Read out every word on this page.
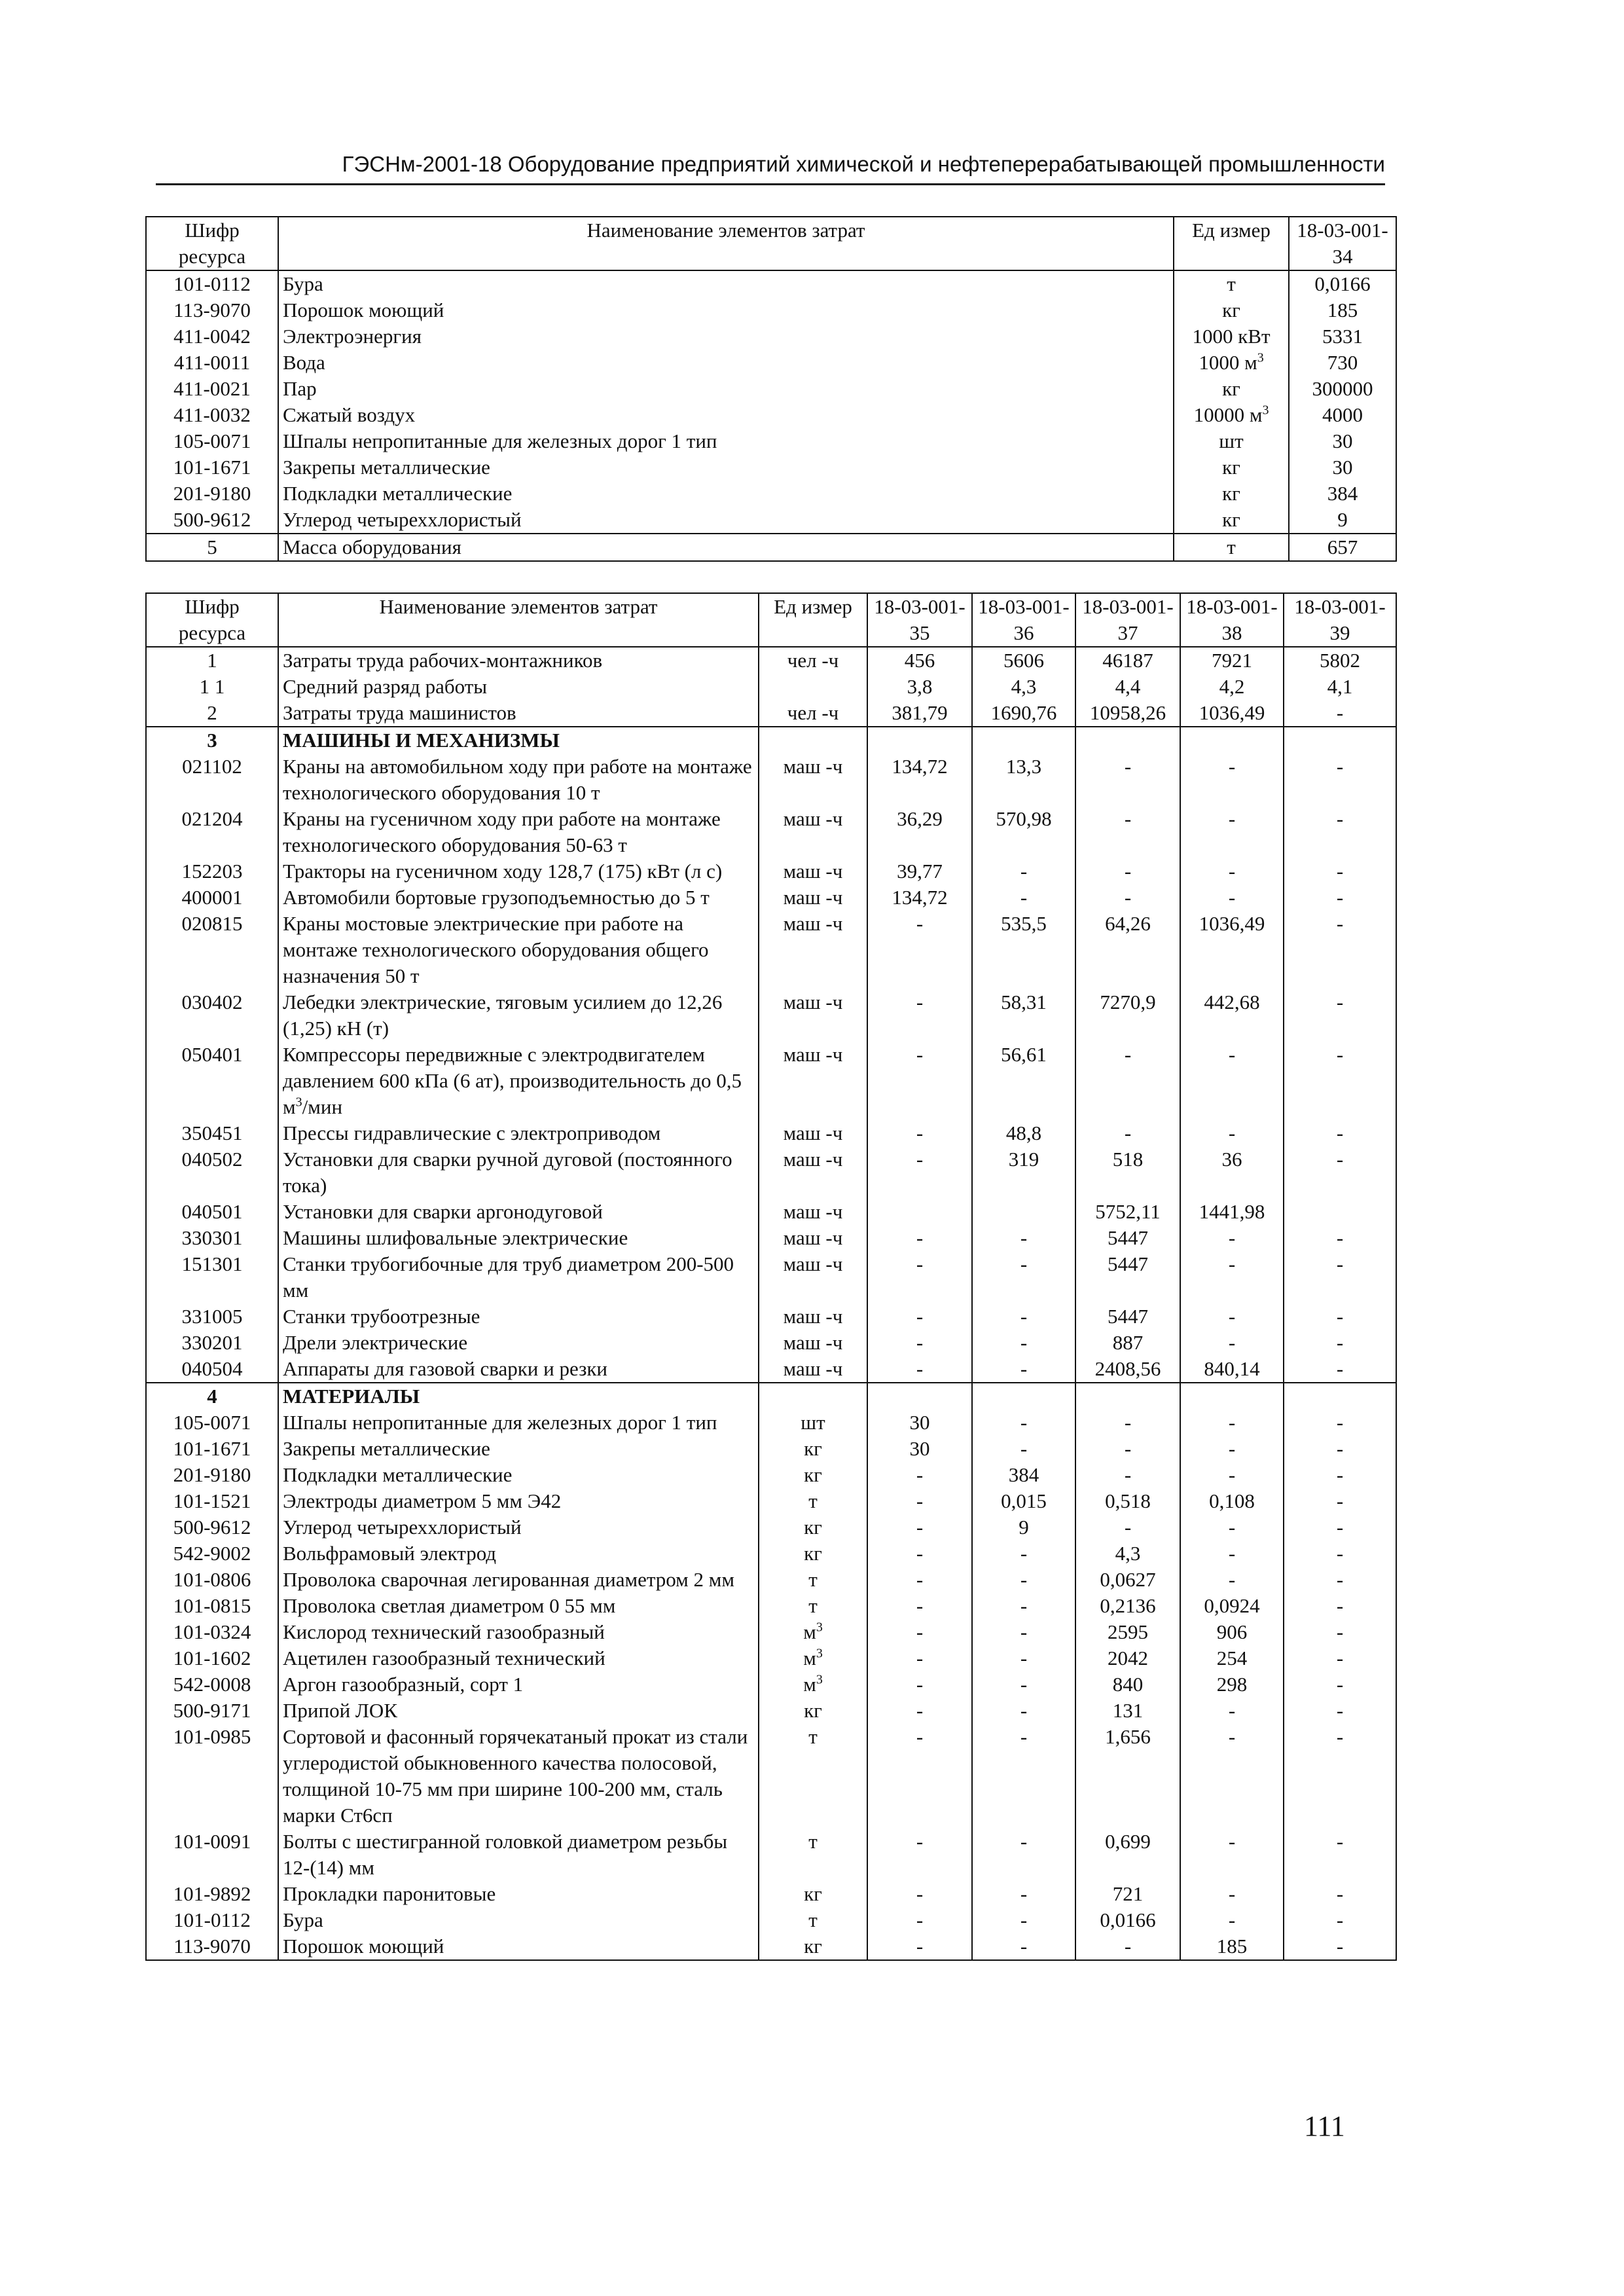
ГЭСНм-2001-18 Оборудование предприятий химической и нефтеперерабатывающей промышленности
Шифр ресурса	Наименование элементов затрат	Ед измер	18-03-001-34
101-0112	Бура	т	0,0166
113-9070	Порошок моющий	кг	185
411-0042	Электроэнергия	1000 кВт	5331
411-0011	Вода	1000 $м^3$	730
411-0021	Пар	кг	300000
411-0032	Сжатый воздух	10000 $м^3$	4000
105-0071	Шпалы непропитанные для железных дорог 1 тип	шт	30
101-1671	Закрепы металлические	кг	30
201-9180	Подкладки металлические	кг	384
500-9612	Углерод четыреххлористый	кг	9
5	Масса оборудования	т	657
Шифр ресурса	Наименование элементов затрат	Ед измер	18-03-001-35	18-03-001-36	18-03-001-37	18-03-001-38	18-03-001-39
1	Затраты труда рабочих-монтажников	чел -ч	456	5606	46187	7921	5802
1 1	Средний разряд работы		3,8	4,3	4,4	4,2	4,1
2	Затраты труда машинистов	чел -ч	381,79	1690,76	10958,26	1036,49	-
3	МАШИНЫ И МЕХАНИЗМЫ						
021102	Краны на автомобильном ходу при работе на монтаже технологического оборудования 10 т	маш -ч	134,72	13,3	-	-	-
021204	Краны на гусеничном ходу при работе на монтаже технологического оборудования 50-63 т	маш -ч	36,29	570,98	-	-	-
152203	Тракторы на гусеничном ходу 128,7 (175) кВт (л с)	маш -ч	39,77	-	-	-	-
400001	Автомобили бортовые грузоподъемностью до 5 т	маш -ч	134,72	-	-	-	-
020815	Краны мостовые электрические при работе на монтаже технологического оборудования общего назначения 50 т	маш -ч	-	535,5	64,26	1036,49	-
030402	Лебедки электрические, тяговым усилием до 12,26 (1,25) кН (т)	маш -ч	-	58,31	7270,9	442,68	-
050401	Компрессоры передвижные с электродвигателем давлением 600 кПа (6 ат), производительность до 0,5 $м^3$/мин	маш -ч	-	56,61	-	-	-
350451	Прессы гидравлические с электроприводом	маш -ч	-	48,8	-	-	-
040502	Установки для сварки ручной дуговой (постоянного тока)	маш -ч	-	319	518	36	-
040501	Установки для сварки аргонодуговой	маш -ч			5752,11	1441,98	
330301	Машины шлифовальные электрические	маш -ч	-	-	5447	-	-
151301	Станки трубогибочные для труб диаметром 200-500 мм	маш -ч	-	-	5447	-	-
331005	Станки трубоотрезные	маш -ч	-	-	5447	-	-
330201	Дрели электрические	маш -ч	-	-	887	-	-
040504	Аппараты для газовой сварки и резки	маш -ч	-	-	2408,56	840,14	-
4	МАТЕРИАЛЫ						
105-0071	Шпалы непропитанные для железных дорог 1 тип	шт	30	-	-	-	-
101-1671	Закрепы металлические	кг	30	-	-	-	-
201-9180	Подкладки металлические	кг	-	384	-	-	-
101-1521	Электроды диаметром 5 мм Э42	т	-	0,015	0,518	0,108	-
500-9612	Углерод четыреххлористый	кг	-	9	-	-	-
542-9002	Вольфрамовый электрод	кг	-	-	4,3	-	-
101-0806	Проволока сварочная легированная диаметром 2 мм	т	-	-	0,0627	-	-
101-0815	Проволока светлая диаметром 0 55 мм	т	-	-	0,2136	0,0924	-
101-0324	Кислород технический газообразный	$м^3$	-	-	2595	906	-
101-1602	Ацетилен газообразный технический	$м^3$	-	-	2042	254	-
542-0008	Аргон газообразный, сорт 1	$м^3$	-	-	840	298	-
500-9171	Припой ЛОК	кг	-	-	131	-	-
101-0985	Сортовой и фасонный горячекатаный прокат из стали углеродистой обыкновенного качества полосовой, толщиной 10-75 мм при ширине 100-200 мм, сталь марки Ст6сп	т	-	-	1,656	-	-
101-0091	Болты с шестигранной головкой диаметром резьбы 12-(14) мм	т	-	-	0,699	-	-
101-9892	Прокладки паронитовые	кг	-	-	721	-	-
101-0112	Бура	т	-	-	0,0166	-	-
113-9070	Порошок моющий	кг	-	-	-	185	-
111
